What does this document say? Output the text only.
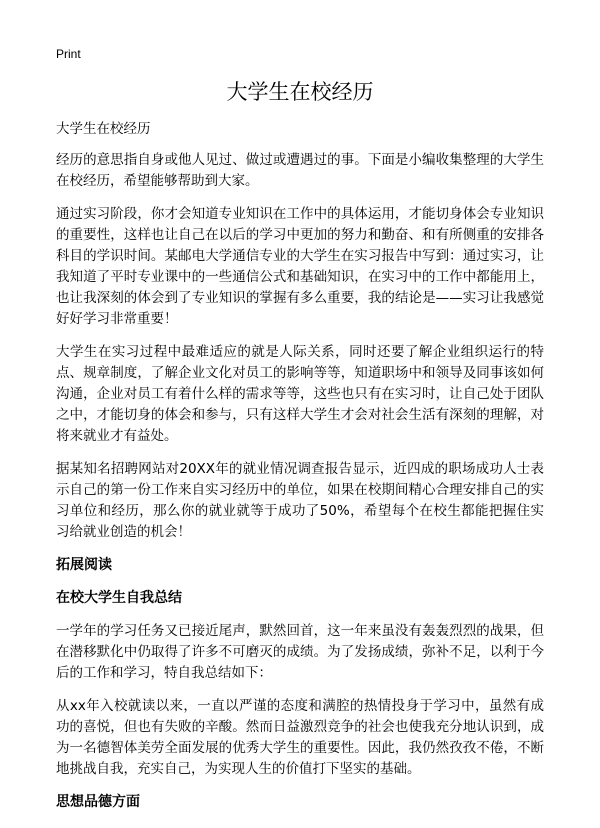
Print
大学生在校经历

大学生在校经历

经历的意思指自身或他人见过、做过或遭遇过的事。下面是小编收集整理的大学生在校经历，希望能够帮助到大家。

通过实习阶段，你才会知道专业知识在工作中的具体运用，才能切身体会专业知识的重要性，这样也让自己在以后的学习中更加的努力和勤奋、和有所侧重的安排各科目的学识时间。某邮电大学通信专业的大学生在实习报告中写到：通过实习，让我知道了平时专业课中的一些通信公式和基础知识，在实习中的工作中都能用上，也让我深刻的体会到了专业知识的掌握有多么重要，我的结论是——实习让我感觉好好学习非常重要！

大学生在实习过程中最难适应的就是人际关系，同时还要了解企业组织运行的特点、规章制度，了解企业文化对员工的影响等等，知道职场中和领导及同事该如何沟通，企业对员工有着什么样的需求等等，这些也只有在实习时，让自己处于团队之中，才能切身的体会和参与，只有这样大学生才会对社会生活有深刻的理解，对将来就业才有益处。

据某知名招聘网站对20XX年的就业情况调查报告显示，近四成的职场成功人士表示自己的第一份工作来自实习经历中的单位，如果在校期间精心合理安排自己的实习单位和经历，那么你的就业就等于成功了50%，希望每个在校生都能把握住实习给就业创造的机会！

拓展阅读

在校大学生自我总结

一学年的学习任务又已接近尾声，默然回首，这一年来虽没有轰轰烈烈的战果，但在潜移默化中仍取得了许多不可磨灭的成绩。为了发扬成绩，弥补不足，以利于今后的工作和学习，特自我总结如下：

从xx年入校就读以来，一直以严谨的态度和满腔的热情投身于学习中，虽然有成功的喜悦，但也有失败的辛酸。然而日益激烈竞争的社会也使我充分地认识到，成为一名德智体美劳全面发展的优秀大学生的重要性。因此，我仍然孜孜不倦，不断地挑战自我，充实自己，为实现人生的价值打下坚实的基础。

思想品德方面
